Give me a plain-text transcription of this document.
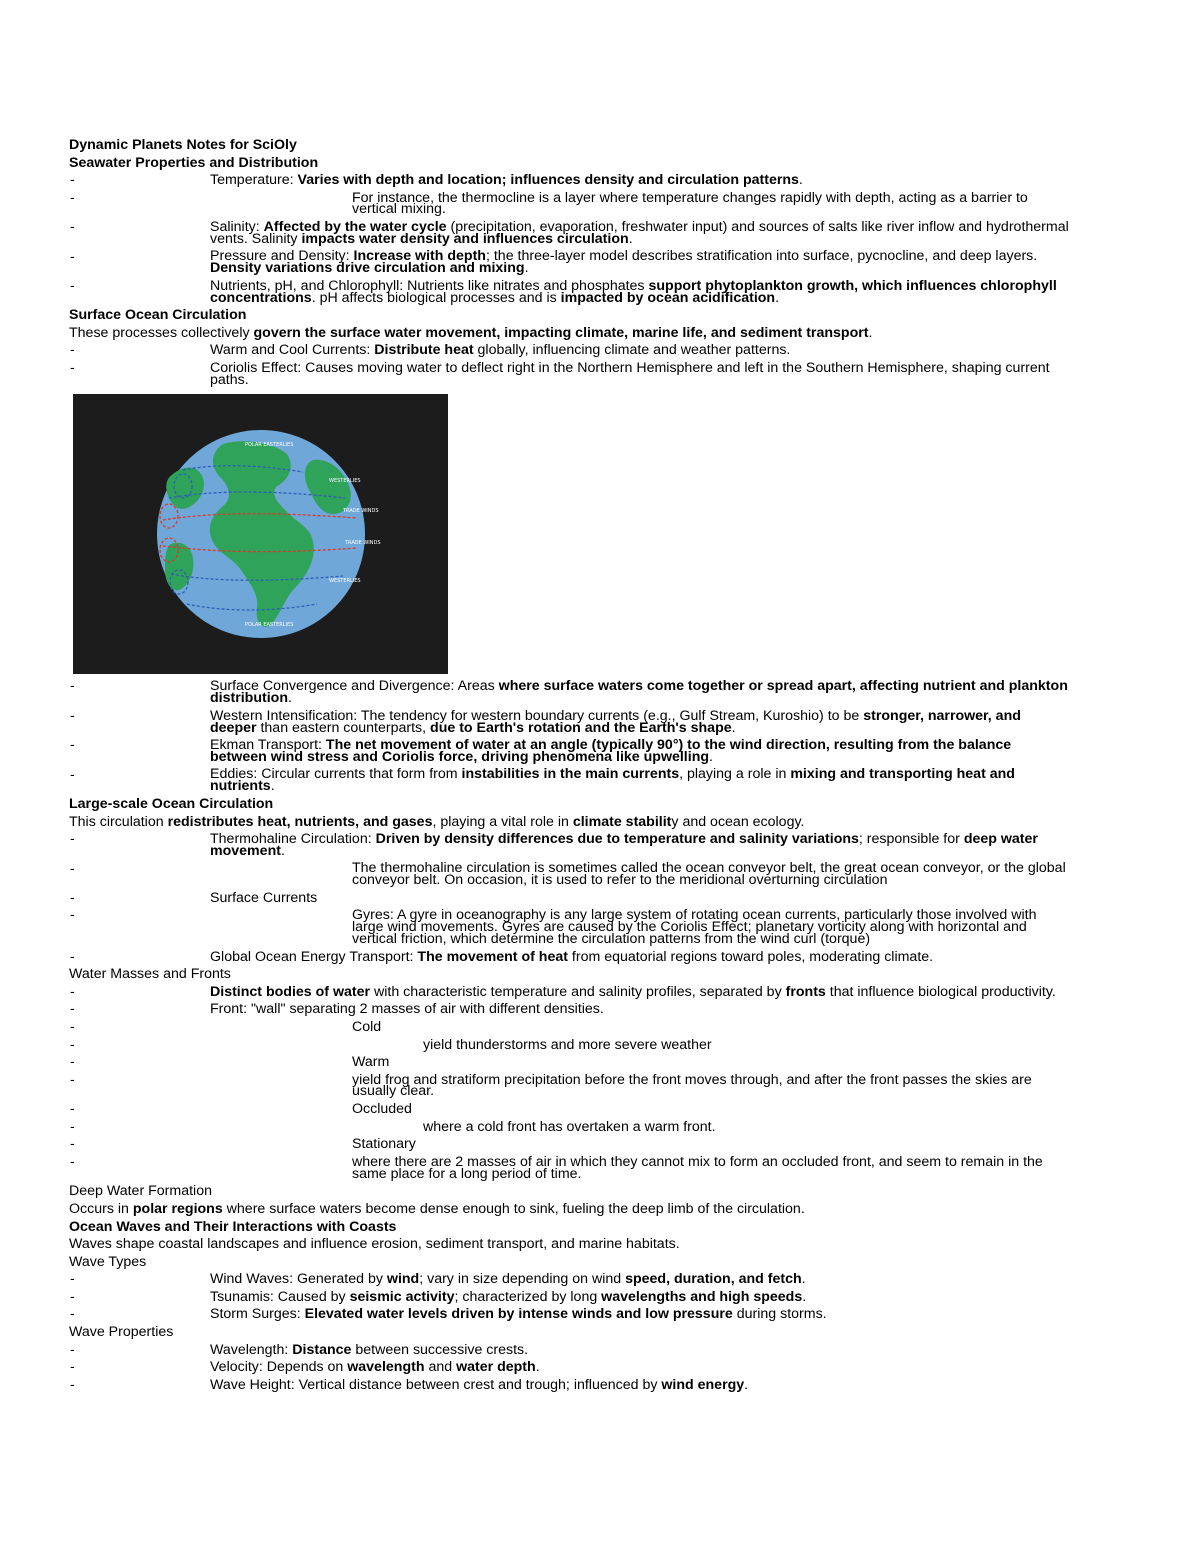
Dynamic Planets Notes for SciOly
Seawater Properties and Distribution
-	Temperature: Varies with depth and location; influences density and circulation patterns.
-	For instance, the thermocline is a layer where temperature changes rapidly with depth, acting as a barrier to vertical mixing.
-	Salinity: Affected by the water cycle (precipitation, evaporation, freshwater input) and sources of salts like river inflow and hydrothermal vents. Salinity impacts water density and influences circulation.
-	Pressure and Density: Increase with depth; the three-layer model describes stratification into surface, pycnocline, and deep layers. Density variations drive circulation and mixing.
-	Nutrients, pH, and Chlorophyll: Nutrients like nitrates and phosphates support phytoplankton growth, which influences chlorophyll concentrations. pH affects biological processes and is impacted by ocean acidification.
Surface Ocean Circulation
These processes collectively govern the surface water movement, impacting climate, marine life, and sediment transport.
-	Warm and Cool Currents: Distribute heat globally, influencing climate and weather patterns.
-	Coriolis Effect: Causes moving water to deflect right in the Northern Hemisphere and left in the Southern Hemisphere, shaping current paths.
POLAR EASTERLIES
WESTERLIES
TRADE WINDS
TRADE WINDS
WESTERLIES
POLAR EASTERLIES
-	Surface Convergence and Divergence: Areas where surface waters come together or spread apart, affecting nutrient and plankton distribution.
-	Western Intensification: The tendency for western boundary currents (e.g., Gulf Stream, Kuroshio) to be stronger, narrower, and deeper than eastern counterparts, due to Earth's rotation and the Earth's shape.
-	Ekman Transport: The net movement of water at an angle (typically 90°) to the wind direction, resulting from the balance between wind stress and Coriolis force, driving phenomena like upwelling.
-	Eddies: Circular currents that form from instabilities in the main currents, playing a role in mixing and transporting heat and nutrients.
Large-scale Ocean Circulation
This circulation redistributes heat, nutrients, and gases, playing a vital role in climate stability and ocean ecology.
-	Thermohaline Circulation: Driven by density differences due to temperature and salinity variations; responsible for deep water movement.
-	The thermohaline circulation is sometimes called the ocean conveyor belt, the great ocean conveyor, or the global conveyor belt. On occasion, it is used to refer to the meridional overturning circulation
-	Surface Currents
-	Gyres: A gyre in oceanography is any large system of rotating ocean currents, particularly those involved with large wind movements. Gyres are caused by the Coriolis Effect; planetary vorticity along with horizontal and vertical friction, which determine the circulation patterns from the wind curl (torque)
-	Global Ocean Energy Transport: The movement of heat from equatorial regions toward poles, moderating climate.
Water Masses and Fronts
-	Distinct bodies of water with characteristic temperature and salinity profiles, separated by fronts that influence biological productivity.
-	Front: "wall" separating 2 masses of air with different densities.
-	Cold
-	yield thunderstorms and more severe weather
-	Warm
-	yield frog and stratiform precipitation before the front moves through, and after the front passes the skies are usually clear.
-	Occluded
-	where a cold front has overtaken a warm front.
-	Stationary
-	where there are 2 masses of air in which they cannot mix to form an occluded front, and seem to remain in the same place for a long period of time.
Deep Water Formation
Occurs in polar regions where surface waters become dense enough to sink, fueling the deep limb of the circulation.
Ocean Waves and Their Interactions with Coasts
Waves shape coastal landscapes and influence erosion, sediment transport, and marine habitats.
Wave Types
-	Wind Waves: Generated by wind; vary in size depending on wind speed, duration, and fetch.
-	Tsunamis: Caused by seismic activity; characterized by long wavelengths and high speeds.
-	Storm Surges: Elevated water levels driven by intense winds and low pressure during storms.
Wave Properties
-	Wavelength: Distance between successive crests.
-	Velocity: Depends on wavelength and water depth.
-	Wave Height: Vertical distance between crest and trough; influenced by wind energy.
